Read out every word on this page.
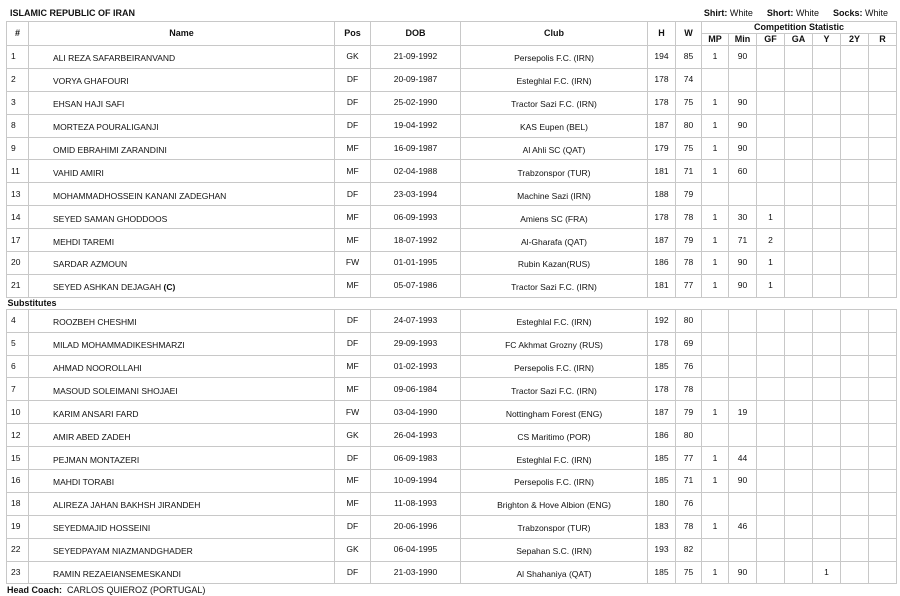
ISLAMIC REPUBLIC OF IRAN	Shirt: White Short: White Socks: White
#	Name	Pos	DOB	Club	H	W	Competition Statistic						
							MP	Min	GF	GA	Y	2Y	R
1	ALI REZA SAFARBEIRANVAND	GK	21-09-1992	Persepolis F.C. (IRN)	194	85	1	90					
2	VORYA GHAFOURI	DF	20-09-1987	Esteghlal F.C. (IRN)	178	74							
3	EHSAN HAJI SAFI	DF	25-02-1990	Tractor Sazi F.C. (IRN)	178	75	1	90					
8	MORTEZA POURALIGANJI	DF	19-04-1992	KAS Eupen (BEL)	187	80	1	90					
9	OMID EBRAHIMI ZARANDINI	MF	16-09-1987	Al Ahli SC (QAT)	179	75	1	90					
11	VAHID AMIRI	MF	02-04-1988	Trabzonspor (TUR)	181	71	1	60					
13	MOHAMMADHOSSEIN KANANI ZADEGHAN	DF	23-03-1994	Machine Sazi (IRN)	188	79							
14	SEYED SAMAN GHODDOOS	MF	06-09-1993	Amiens SC (FRA)	178	78	1	30	1				
17	MEHDI TAREMI	MF	18-07-1992	Al-Gharafa (QAT)	187	79	1	71	2				
20	SARDAR AZMOUN	FW	01-01-1995	Rubin Kazan(RUS)	186	78	1	90	1				
21	SEYED ASHKAN DEJAGAH (C)	MF	05-07-1986	Tractor Sazi F.C. (IRN)	181	77	1	90	1				
Substitutes													
4	ROOZBEH CHESHMI	DF	24-07-1993	Esteghlal F.C. (IRN)	192	80							
5	MILAD MOHAMMADIKESHMARZI	DF	29-09-1993	FC Akhmat Grozny (RUS)	178	69							
6	AHMAD NOOROLLAHI	MF	01-02-1993	Persepolis F.C. (IRN)	185	76							
7	MASOUD SOLEIMANI SHOJAEI	MF	09-06-1984	Tractor Sazi F.C. (IRN)	178	78							
10	KARIM ANSARI FARD	FW	03-04-1990	Nottingham Forest (ENG)	187	79	1	19					
12	AMIR ABED ZADEH	GK	26-04-1993	CS Maritimo (POR)	186	80							
15	PEJMAN MONTAZERI	DF	06-09-1983	Esteghlal F.C. (IRN)	185	77	1	44					
16	MAHDI TORABI	MF	10-09-1994	Persepolis F.C. (IRN)	185	71	1	90					
18	ALIREZA JAHAN BAKHSH JIRANDEH	MF	11-08-1993	Brighton & Hove Albion (ENG)	180	76							
19	SEYEDMAJID HOSSEINI	DF	20-06-1996	Trabzonspor (TUR)	183	78	1	46					
22	SEYEDPAYAM NIAZMANDGHADER	GK	06-04-1995	Sepahan S.C. (IRN)	193	82							
23	RAMIN REZAEIANSEMESKANDI	DF	21-03-1990	Al Shahaniya (QAT)	185	75	1	90			1		
Head Coach: CARLOS QUIEROZ (PORTUGAL)
